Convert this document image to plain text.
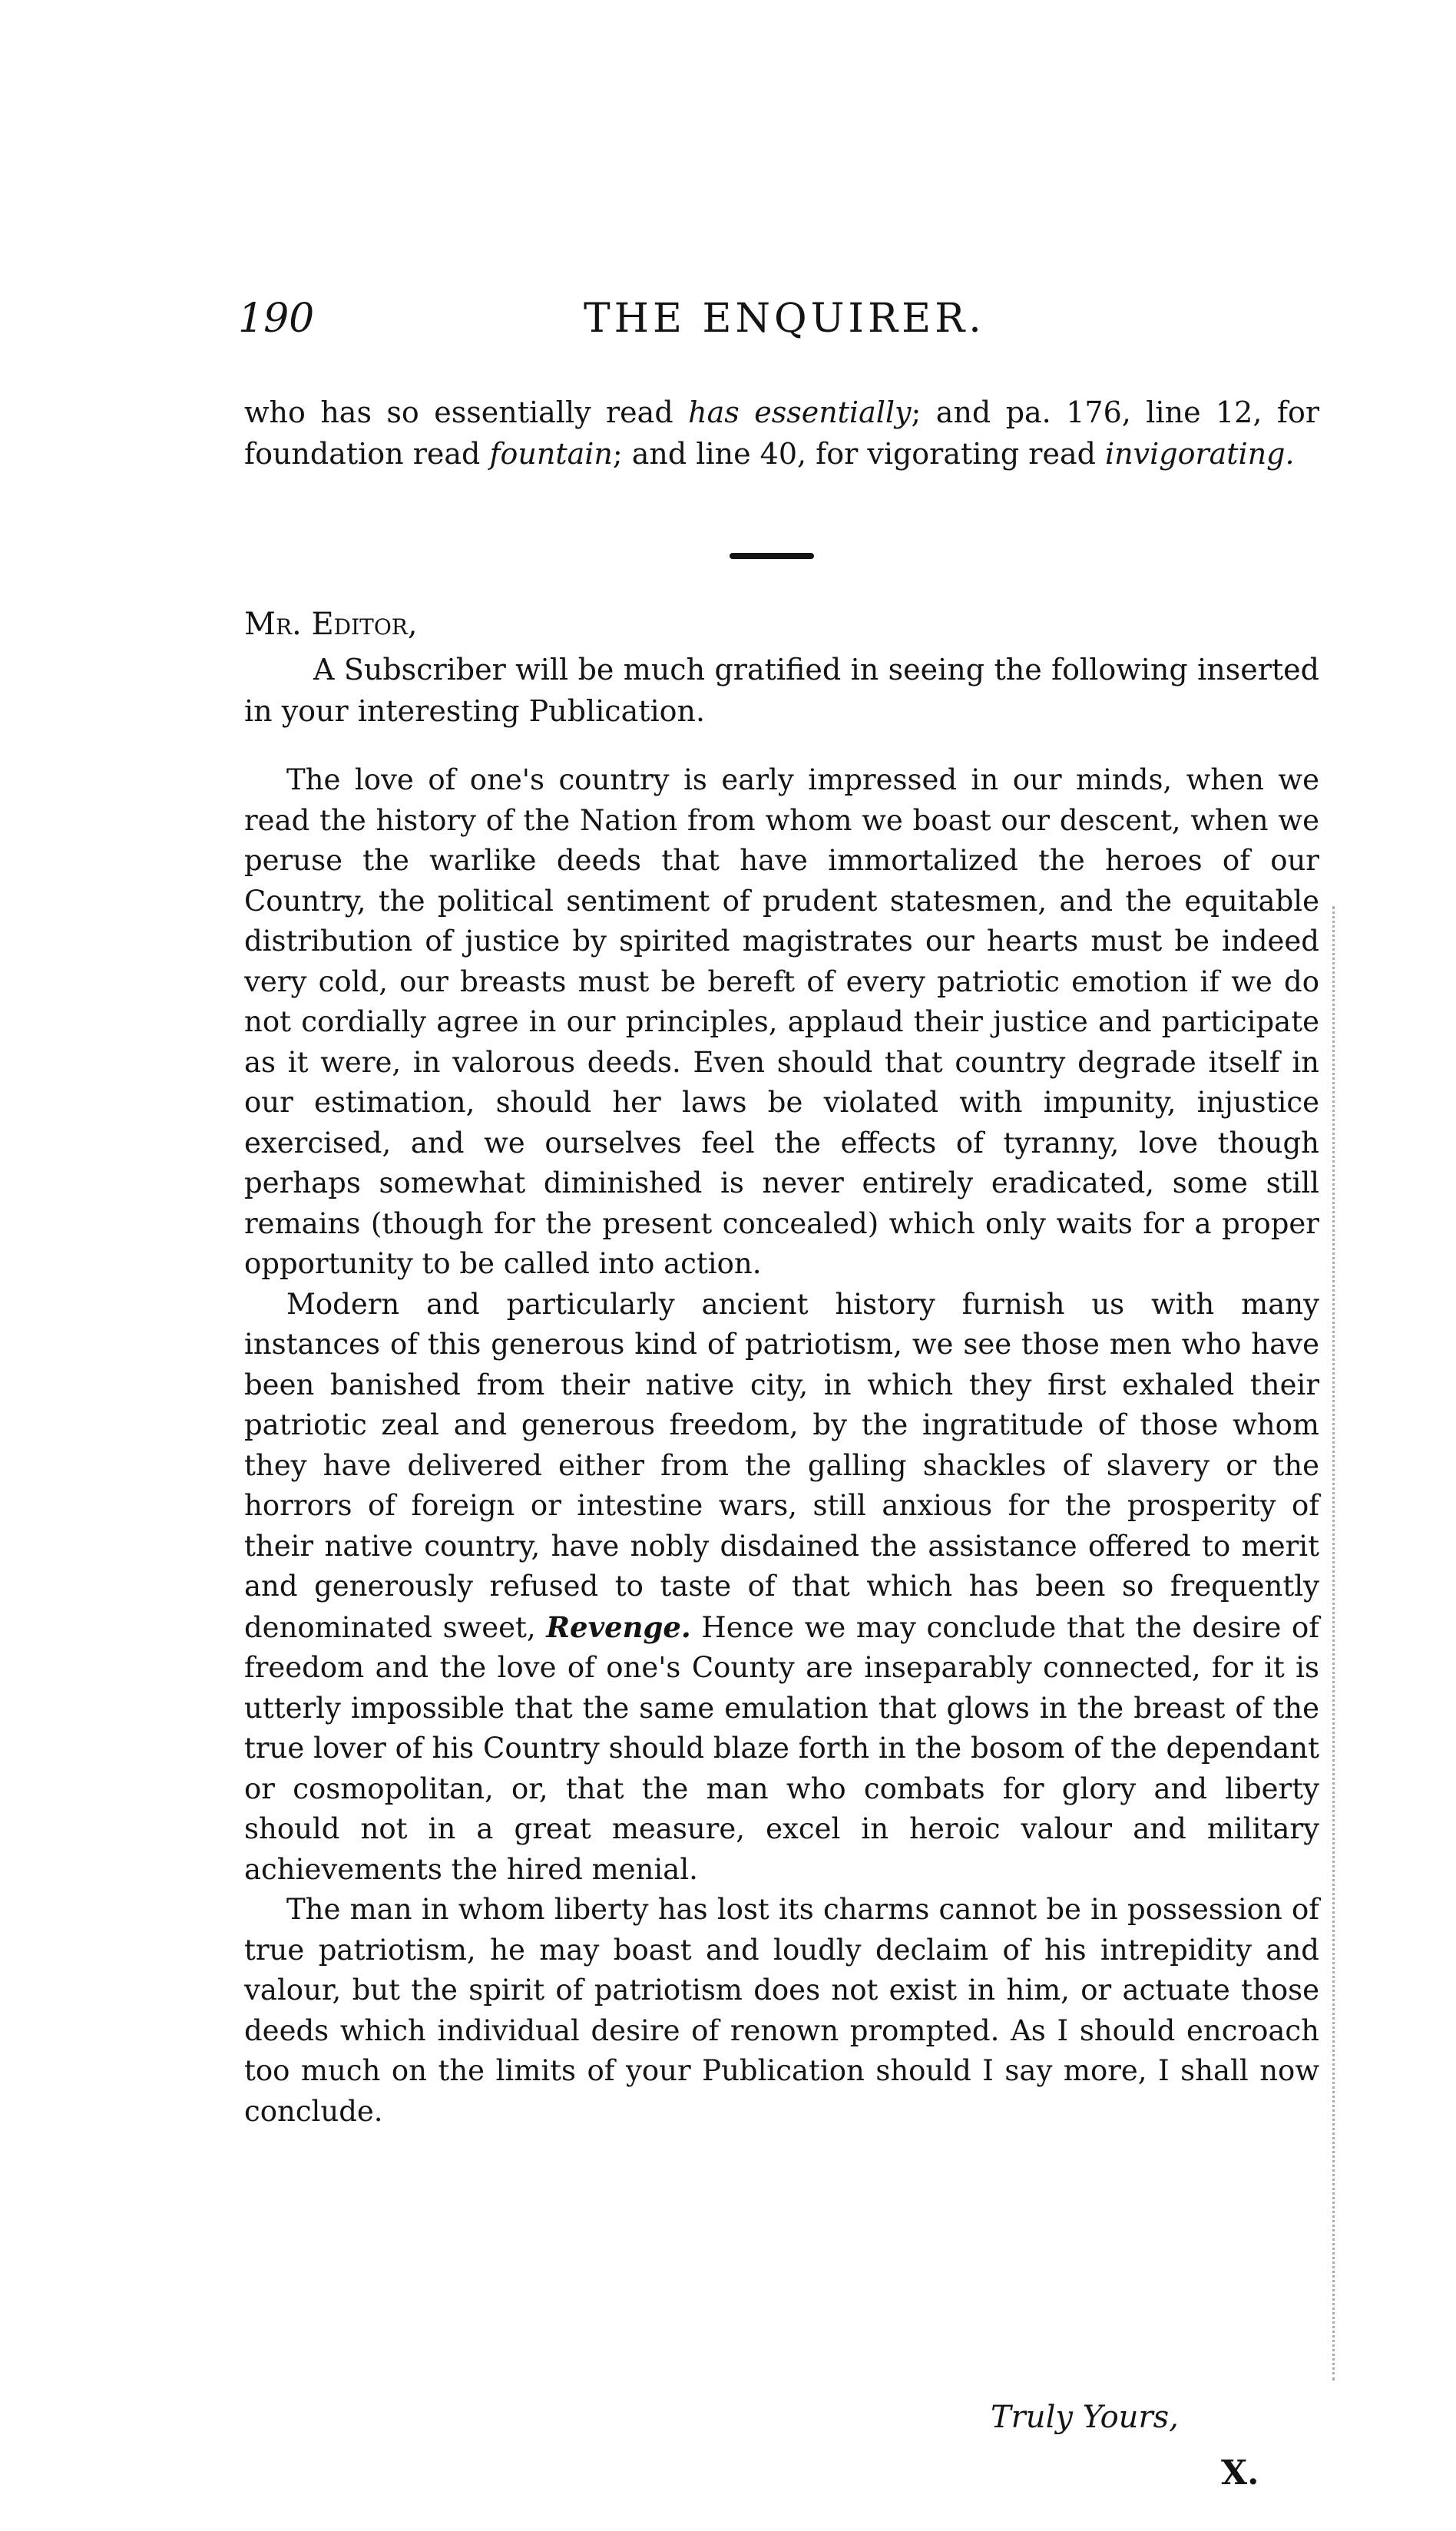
190	THE ENQUIRER.
who has so essentially read has essentially; and pa. 176, line 12, for foundation read fountain; and line 40, for vigorating read invigorating.
Mr. Editor,
A Subscriber will be much gratified in seeing the following inserted in your interesting Publication.

The love of one's country is early impressed in our minds, when we read the history of the Nation from whom we boast our descent, when we peruse the warlike deeds that have immortalized the heroes of our Country, the political sentiment of prudent statesmen, and the equitable distribution of justice by spirited magistrates our hearts must be indeed very cold, our breasts must be bereft of every patriotic emotion if we do not cordially agree in our principles, applaud their justice and participate as it were, in valorous deeds. Even should that country degrade itself in our estimation, should her laws be violated with impunity, injustice exercised, and we ourselves feel the effects of tyranny, love though perhaps somewhat diminished is never entirely eradicated, some still remains (though for the present concealed) which only waits for a proper opportunity to be called into action.

Modern and particularly ancient history furnish us with many instances of this generous kind of patriotism, we see those men who have been banished from their native city, in which they first exhaled their patriotic zeal and generous freedom, by the ingratitude of those whom they have delivered either from the galling shackles of slavery or the horrors of foreign or intestine wars, still anxious for the prosperity of their native country, have nobly disdained the assistance offered to merit and generously refused to taste of that which has been so frequently denominated sweet, Revenge. Hence we may conclude that the desire of freedom and the love of one's County are inseparably connected, for it is utterly impossible that the same emulation that glows in the breast of the true lover of his Country should blaze forth in the bosom of the dependant or cosmopolitan, or, that the man who combats for glory and liberty should not in a great measure, excel in heroic valour and military achievements the hired menial.

The man in whom liberty has lost its charms cannot be in possession of true patriotism, he may boast and loudly declaim of his intrepidity and valour, but the spirit of patriotism does not exist in him, or actuate those deeds which individual desire of renown prompted. As I should encroach too much on the limits of your Publication should I say more, I shall now conclude.

Truly Yours,
X.
